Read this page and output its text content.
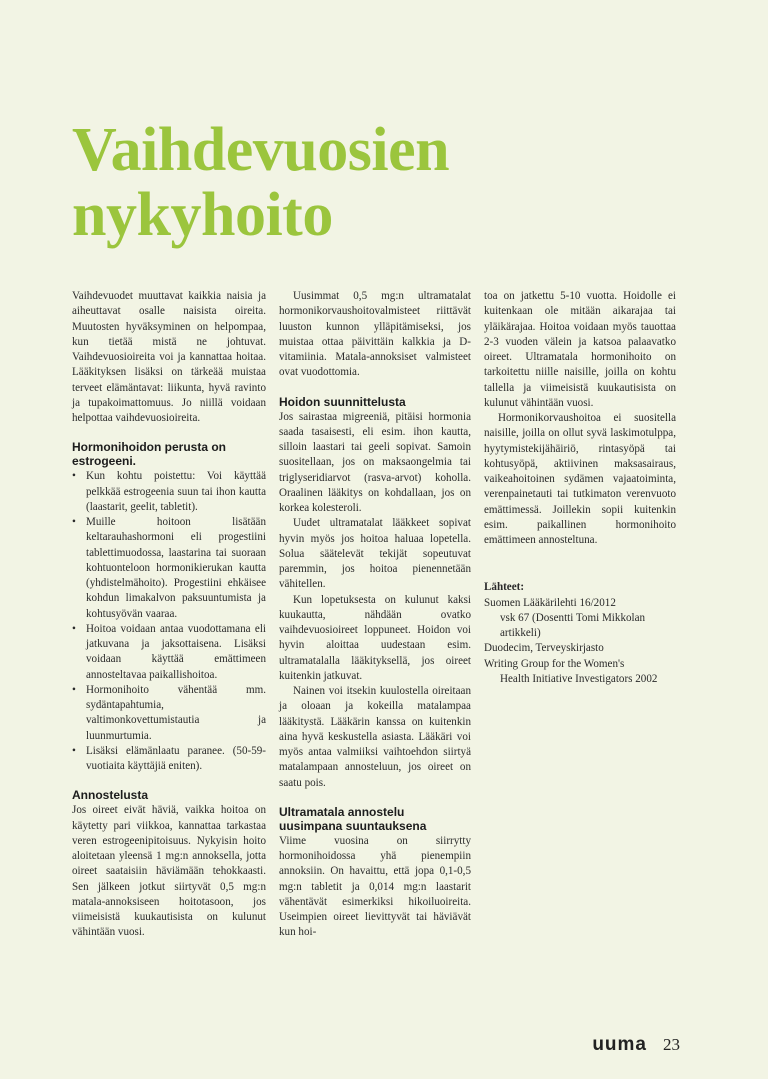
Vaihdevuosien
nykyhoito

Vaihdevuodet muuttavat kaikkia naisia ja aiheuttavat osalle naisista oireita. Muutosten hyväksyminen on helpompaa, kun tietää mistä ne johtuvat. Vaihdevuosioireita voi ja kannattaa hoitaa. Lääkityksen lisäksi on tärkeää muistaa terveet elämäntavat: liikunta, hyvä ravinto ja tupakoimattomuus. Jo niillä voidaan helpottaa vaihdevuosioireita.

Hormonihoidon perusta on estrogeeni.
• Kun kohtu poistettu: Voi käyttää pelkkää estrogeenia suun tai ihon kautta (laastarit, geelit, tabletit).
• Muille hoitoon lisätään keltarauhashormoni eli progestiini tablettimuodossa, laastarina tai suoraan kohtuonteloon hormonikierukan kautta (yhdistelmähoito). Progestiini ehkäisee kohdun limakalvon paksuuntumista ja kohtusyövän vaaraa.
• Hoitoa voidaan antaa vuodottamana eli jatkuvana ja jaksottaisena. Lisäksi voidaan käyttää emättimeen annosteltavaa paikallishoitoa.
• Hormonihoito vähentää mm. sydäntapahtumia, valtimonkovettumistautia ja luunmurtumia.
• Lisäksi elämänlaatu paranee. (50-59-vuotiaita käyttäjiä eniten).
Annostelusta

Jos oireet eivät häviä, vaikka hoitoa on käytetty pari viikkoa, kannattaa tarkastaa veren estrogeenipitoisuus. Nykyisin hoito aloitetaan yleensä 1 mg:n annoksella, jotta oireet saataisiin häviämään tehokkaasti. Sen jälkeen jotkut siirtyvät 0,5 mg:n matala-annoksiseen hoitotasoon, jos viimeisistä kuukautisista on kulunut vähintään vuosi.

Uusimmat 0,5 mg:n ultramatalat hormonikorvaushoitovalmisteet riittävät luuston kunnon ylläpitämiseksi, jos muistaa ottaa päivittäin kalkkia ja D-vitamiinia. Matala-annoksiset valmisteet ovat vuodottomia.

Hoidon suunnittelusta

Jos sairastaa migreeniä, pitäisi hormonia saada tasaisesti, eli esim. ihon kautta, silloin laastari tai geeli sopivat. Samoin suositellaan, jos on maksaongelmia tai triglyseridiarvot (rasva-arvot) koholla. Oraalinen lääkitys on kohdallaan, jos on korkea kolesteroli.

Uudet ultramatalat lääkkeet sopivat hyvin myös jos hoitoa haluaa lopetella. Solua säätelevät tekijät sopeutuvat paremmin, jos hoitoa pienennetään vähitellen.

Kun lopetuksesta on kulunut kaksi kuukautta, nähdään ovatko vaihdevuosioireet loppuneet. Hoidon voi hyvin aloittaa uudestaan esim. ultramatalalla lääkityksellä, jos oireet kuitenkin jatkuvat.

Nainen voi itsekin kuulostella oireitaan ja oloaan ja kokeilla matalampaa lääkitystä. Lääkärin kanssa on kuitenkin aina hyvä keskustella asiasta. Lääkäri voi myös antaa valmiiksi vaihtoehdon siirtyä matalampaan annosteluun, jos oireet on saatu pois.

Ultramatala annostelu uusimpana suuntauksena

Viime vuosina on siirrytty hormonihoidossa yhä pienempiin annoksiin. On havaittu, että jopa 0,1-0,5 mg:n tabletit ja 0,014 mg:n laastarit vähentävät esimerkiksi hikoiluoireita. Useimpien oireet lievittyvät tai häviävät kun hoi-

toa on jatkettu 5-10 vuotta. Hoidolle ei kuitenkaan ole mitään aikarajaa tai yläikärajaa. Hoitoa voidaan myös tauottaa 2-3 vuoden välein ja katsoa palaavatko oireet. Ultramatala hormonihoito on tarkoitettu niille naisille, joilla on kohtu tallella ja viimeisistä kuukautisista on kulunut vähintään vuosi.

Hormonikorvaushoitoa ei suositella naisille, joilla on ollut syvä laskimotulppa, hyytymistekijähäiriö, rintasyöpä tai kohtusyöpä, aktiivinen maksasairaus, vaikeahoitoinen sydämen vajaatoiminta, verenpainetauti tai tutkimaton verenvuoto emättimessä. Joillekin sopii kuitenkin esim. paikallinen hormonihoito emättimeen annosteltuna.

Lähteet:

Suomen Lääkärilehti 16/2012

vsk 67 (Dosentti Tomi Mikkolan artikkeli)

Duodecim, Terveyskirjasto

Writing Group for the Women's

Health Initiative Investigators 2002

uuma 23
